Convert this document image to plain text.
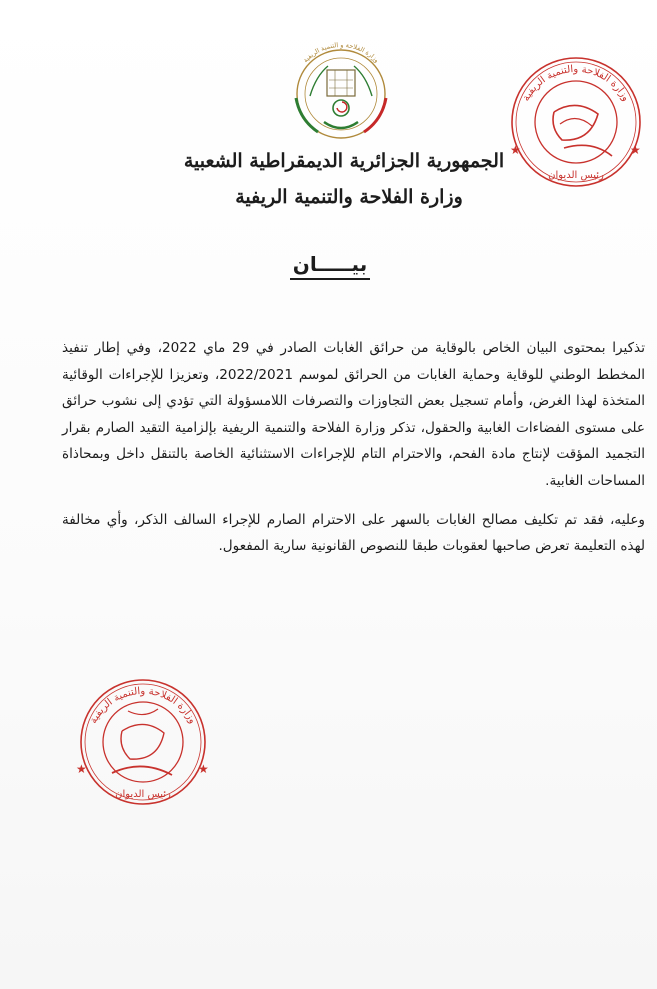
وزارة الفلاحة و التنمية الريفية
وزارة الفلاحة والتنمية الريفية
★	★
رئيس الديوان
الجمهورية الجزائرية الديمقراطية الشعبية
وزارة الفلاحة والتنمية الريفية
بيـــــان

تذكيرا بمحتوى البيان الخاص بالوقاية من حرائق الغابات الصادر في 29 ماي 2022، وفي إطار تنفيذ المخطط الوطني للوقاية وحماية الغابات من الحرائق لموسم 2022/2021، وتعزيزا للإجراءات الوقائية المتخذة لهذا الغرض، وأمام تسجيل بعض التجاوزات والتصرفات اللامسؤولة التي تؤدي إلى نشوب حرائق على مستوى الفضاءات الغابية والحقول، تذكر وزارة الفلاحة والتنمية الريفية بإلزامية التقيد الصارم بقرار التجميد المؤقت لإنتاج مادة الفحم، والاحترام التام للإجراءات الاستثنائية الخاصة بالتنقل داخل وبمحاذاة المساحات الغابية.

وعليه، فقد تم تكليف مصالح الغابات بالسهر على الاحترام الصارم للإجراء السالف الذكر، وأي مخالفة لهذه التعليمة تعرض صاحبها لعقوبات طبقا للنصوص القانونية سارية المفعول.

وزارة الفلاحة والتنمية الريفية
★	★
رئيس الديوان
